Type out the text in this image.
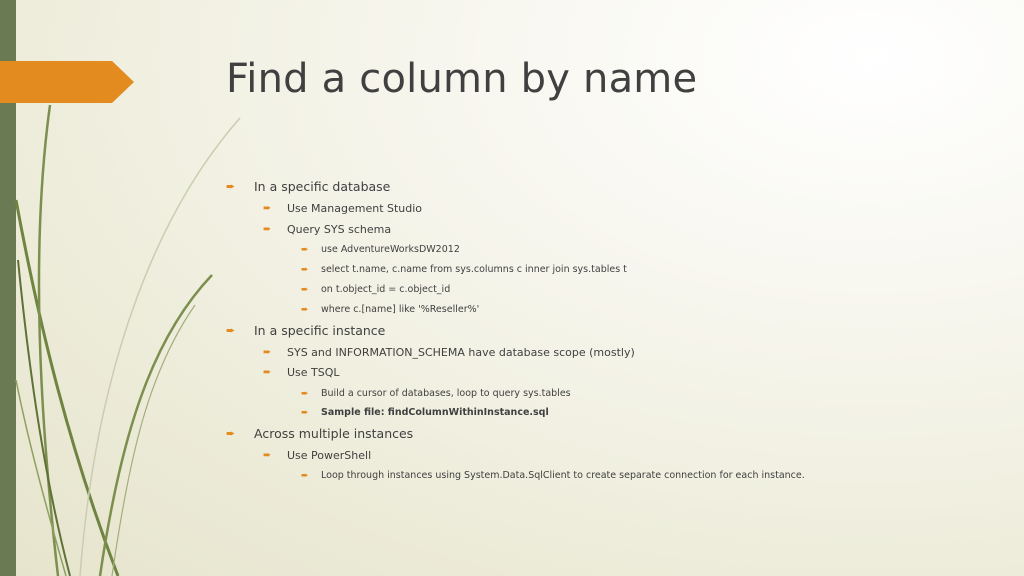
Find a column by name
➨	In a specific database
➨	Use Management Studio
➨	Query SYS schema
➨	use AdventureWorksDW2012
➨	select t.name, c.name from sys.columns c inner join sys.tables t
➨	on t.object_id = c.object_id
➨	where c.[name] like '%Reseller%'
➨	In a specific instance
➨	SYS and INFORMATION_SCHEMA have database scope (mostly)
➨	Use TSQL
➨	Build a cursor of databases, loop to query sys.tables
➨	Sample file: findColumnWithinInstance.sql
➨	Across multiple instances
➨	Use PowerShell
➨	Loop through instances using System.Data.SqlClient to create separate connection for each instance.
